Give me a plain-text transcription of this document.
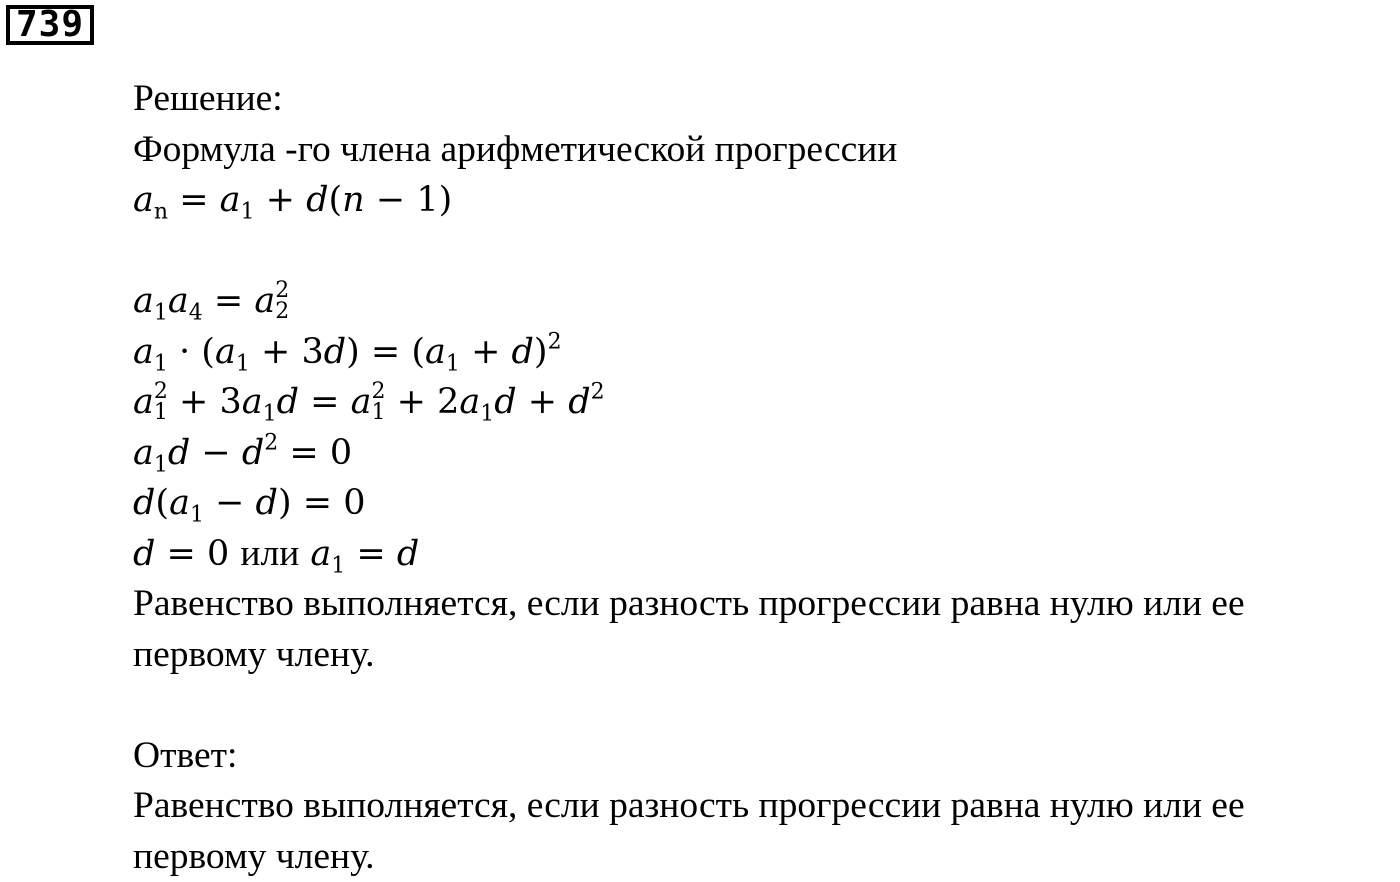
739
Решение:
Формула -го члена арифметической прогрессии
$a_n = a_1 + d(n - 1)$
$a_1a_4 = a$ 2
2
$a_1 \cdot (a_1 + 3d) = (a_1 + d)^2$
a 2
$1 + 3a_1d = a$ 2
$1 + 2a_1d + d^2$
$a_1d - d^2 = 0$
$d(a_1 - d) = 0$
d = 0 или $a_1 = d$
Равенство выполняется, если разность прогрессии равна нулю или ее
первому члену.
Ответ:
Равенство выполняется, если разность прогрессии равна нулю или ее
первому члену.
